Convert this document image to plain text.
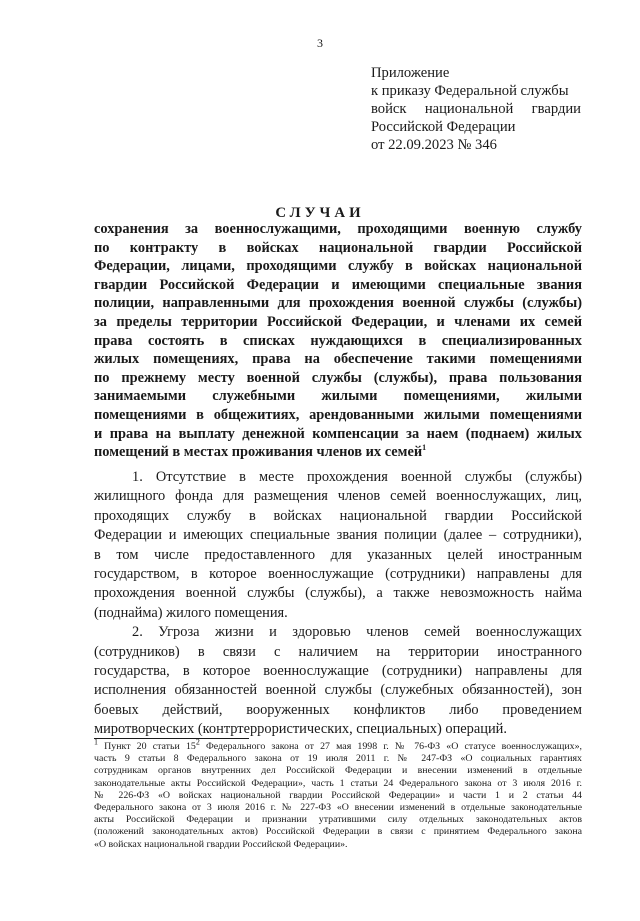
3
Приложение
к приказу Федеральной службы
войск национальной гвардии
Российской Федерации
от 22.09.2023 № 346
СЛУЧАИ
сохранения за военнослужащими, проходящими военную службу
по контракту в войсках национальной гвардии Российской
Федерации, лицами, проходящими службу в войсках национальной
гвардии Российской Федерации и имеющими специальные звания
полиции, направленными для прохождения военной службы (службы)
за пределы территории Российской Федерации, и членами их семей
права состоять в списках нуждающихся в специализированных
жилых помещениях, права на обеспечение такими помещениями
по прежнему месту военной службы (службы), права пользования
занимаемыми служебными жилыми помещениями, жилыми
помещениями в общежитиях, арендованными жилыми помещениями
и права на выплату денежной компенсации за наем (поднаем) жилых
помещений в местах проживания членов их семей$^1$
1. Отсутствие в месте прохождения военной службы (службы)
жилищного фонда для размещения членов семей военнослужащих, лиц,
проходящих службу в войсках национальной гвардии Российской
Федерации и имеющих специальные звания полиции (далее – сотрудники),
в том числе предоставленного для указанных целей иностранным
государством, в которое военнослужащие (сотрудники) направлены для
прохождения военной службы (службы), а также невозможность найма
(поднайма) жилого помещения.
2. Угроза жизни и здоровью членов семей военнослужащих
(сотрудников) в связи с наличием на территории иностранного
государства, в которое военнослужащие (сотрудники) направлены для
исполнения обязанностей военной службы (служебных обязанностей), зон
боевых действий, вооруженных конфликтов либо проведением
миротворческих (контртеррористических, специальных) операций.
$^1$ Пункт 20 статьи $15^2$ Федерального закона от 27 мая 1998 г. № 76-ФЗ «О статусе военнослужащих»,
часть 9 статьи 8 Федерального закона от 19 июля 2011 г. № 247-ФЗ «О социальных гарантиях
сотрудникам органов внутренних дел Российской Федерации и внесении изменений в отдельные
законодательные акты Российской Федерации», часть 1 статьи 24 Федерального закона от 3 июля 2016 г.
№ 226-ФЗ «О войсках национальной гвардии Российской Федерации» и части 1 и 2 статьи 44
Федерального закона от 3 июля 2016 г. № 227-ФЗ «О внесении изменений в отдельные законодательные
акты Российской Федерации и признании утратившими силу отдельных законодательных актов
(положений законодательных актов) Российской Федерации в связи с принятием Федерального закона
«О войсках национальной гвардии Российской Федерации».
